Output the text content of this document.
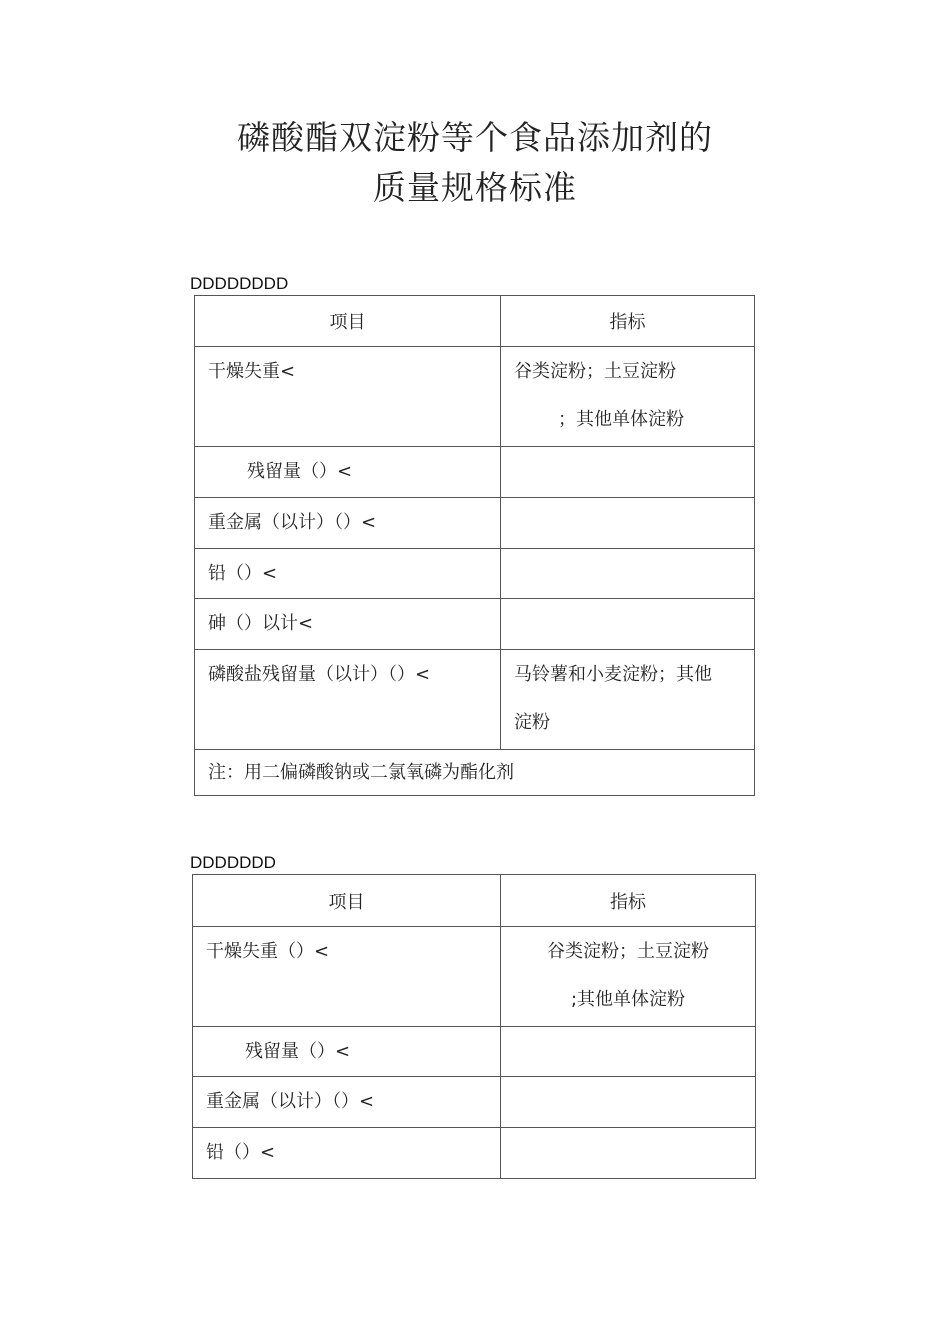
磷酸酯双淀粉等个食品添加剂的
质量规格标准
DDDDDDDD
项目	指标

干燥失重<	谷类淀粉；土豆淀粉
；其他单体淀粉

残留量（）<	

重金属（以计）（）<	

铅（）<	

砷（）以计<	

磷酸盐残留量（以计）（）<	马铃薯和小麦淀粉；其他
淀粉

注：用二偏磷酸钠或二氯氧磷为酯化剂	
DDDDDDD
项目	指标

干燥失重（）<	谷类淀粉；土豆淀粉
;其他单体淀粉

残留量（）<	

重金属（以计）（）<	

铅（）<	
